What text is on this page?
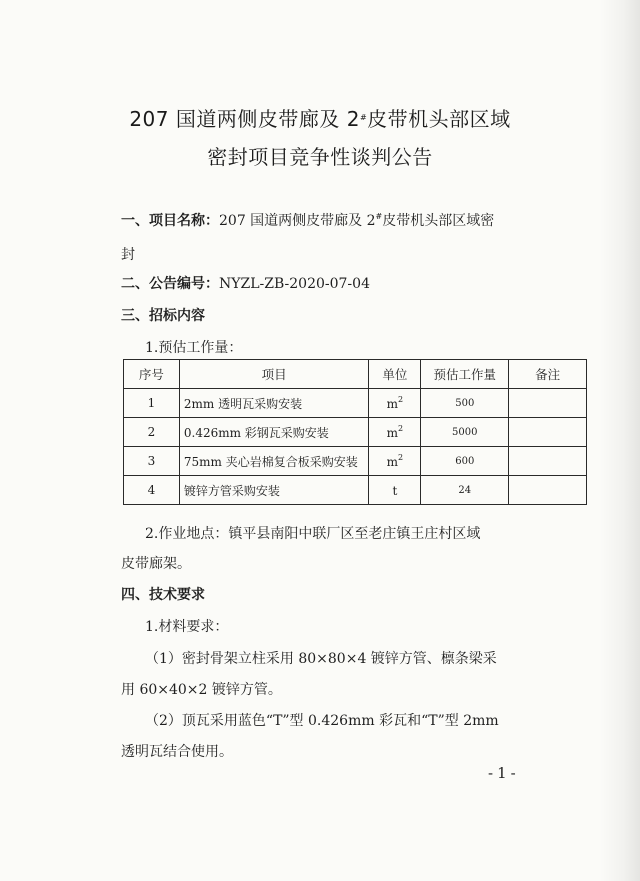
207 国道两侧皮带廊及 2#皮带机头部区域
密封项目竞争性谈判公告
一、项目名称：207 国道两侧皮带廊及 2#皮带机头部区域密
封
二、公告编号：NYZL-ZB-2020-07-04
三、招标内容
1.预估工作量：
序号	项目	单位	预估工作量	备注
1	2mm 透明瓦采购安装	$m^2$	500	
2	0.426mm 彩钢瓦采购安装	$m^2$	5000	
3	75mm 夹心岩棉复合板采购安装	$m^2$	600	
4	镀锌方管采购安装	t	24	
2.作业地点：镇平县南阳中联厂区至老庄镇王庄村区域
皮带廊架。
四、技术要求
1.材料要求：
（1）密封骨架立柱采用 80×80×4 镀锌方管、檩条梁采
用 60×40×2 镀锌方管。
（2）顶瓦采用蓝色“T”型 0.426mm 彩瓦和“T”型 2mm
透明瓦结合使用。
-1-
